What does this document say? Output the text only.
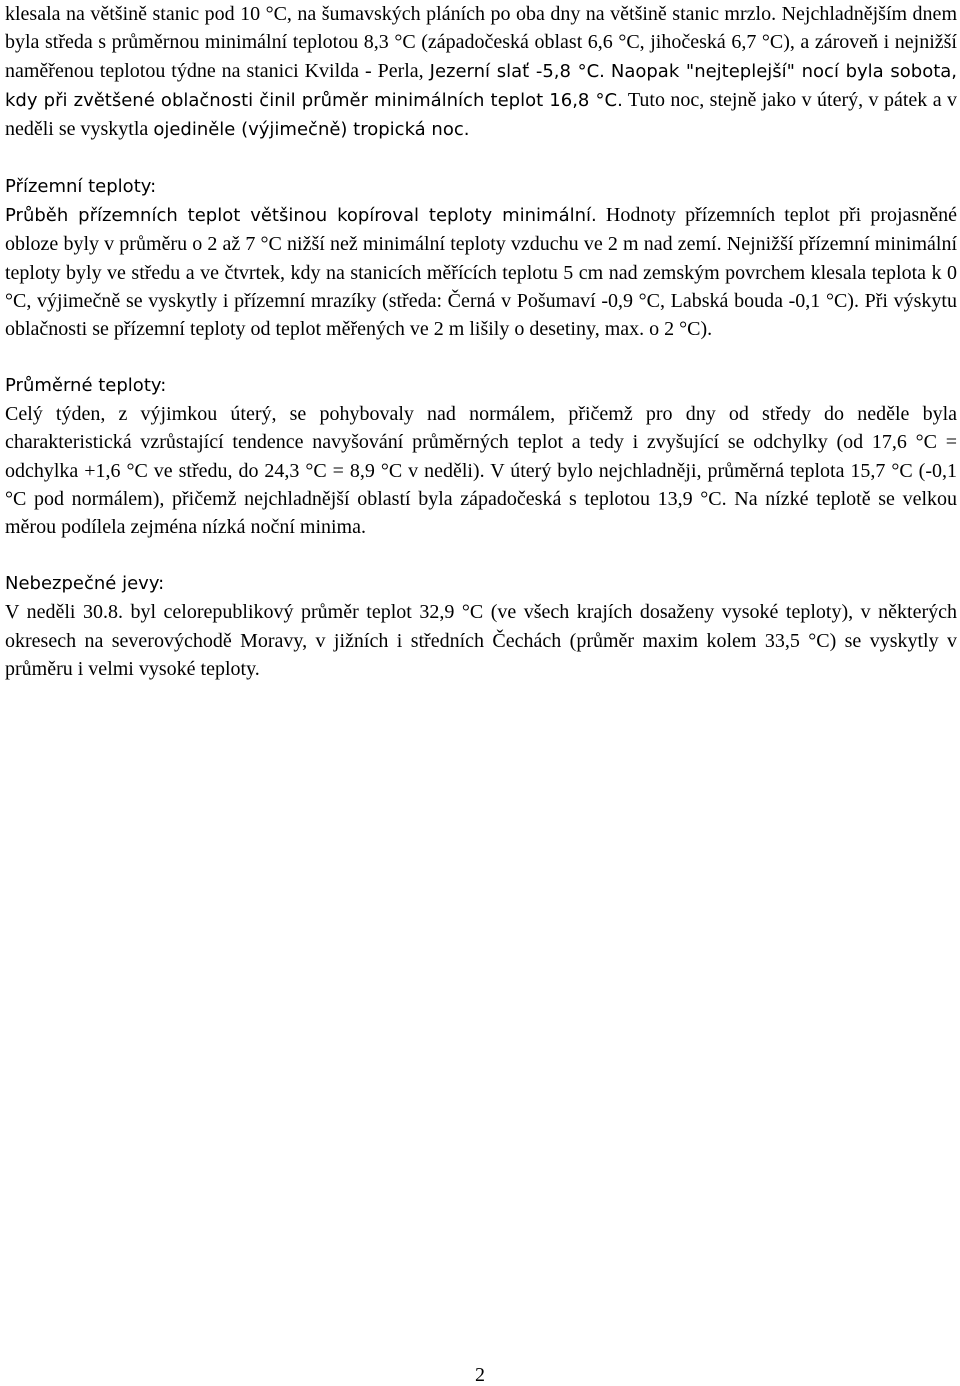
klesala na většině stanic pod 10 °C, na šumavských pláních po oba dny na většině stanic mrzlo. Nejchladnějším dnem byla středa s průměrnou minimální teplotou 8,3 °C (západočeská oblast 6,6 °C, jihočeská 6,7 °C), a zároveň i nejnižší naměřenou teplotou týdne na stanici Kvilda - Perla, Jezerní slať -5,8 °C. Naopak "nejteplejší" nocí byla sobota, kdy při zvětšené oblačnosti činil průměr minimálních teplot 16,8 °C. Tuto noc, stejně jako v úterý, v pátek a v neděli se vyskytla ojediněle (výjimečně) tropická noc.

Přízemní teploty:

Průběh přízemních teplot většinou kopíroval teploty minimální. Hodnoty přízemních teplot při projasněné obloze byly v průměru o 2 až 7 °C nižší než minimální teploty vzduchu ve 2 m nad zemí. Nejnižší přízemní minimální teploty byly ve středu a ve čtvrtek, kdy na stanicích měřících teplotu 5 cm nad zemským povrchem klesala teplota k 0 °C, výjimečně se vyskytly i přízemní mrazíky (středa: Černá v Pošumaví -0,9 °C, Labská bouda -0,1 °C). Při výskytu oblačnosti se přízemní teploty od teplot měřených ve 2 m lišily o desetiny, max. o 2 °C).

Průměrné teploty:

Celý týden, z výjimkou úterý, se pohybovaly nad normálem, přičemž pro dny od středy do neděle byla charakteristická vzrůstající tendence navyšování průměrných teplot a tedy i zvyšující se odchylky (od 17,6 °C = odchylka +1,6 °C ve středu, do 24,3 °C = 8,9 °C v neděli). V úterý bylo nejchladněji, průměrná teplota 15,7 °C (-0,1 °C pod normálem), přičemž nejchladnější oblastí byla západočeská s teplotou 13,9 °C. Na nízké teplotě se velkou měrou podílela zejména nízká noční minima.

Nebezpečné jevy:

V neděli 30.8. byl celorepublikový průměr teplot 32,9 °C (ve všech krajích dosaženy vysoké teploty), v některých okresech na severovýchodě Moravy, v jižních i středních Čechách (průměr maxim kolem 33,5 °C) se vyskytly v průměru i velmi vysoké teploty.

2
